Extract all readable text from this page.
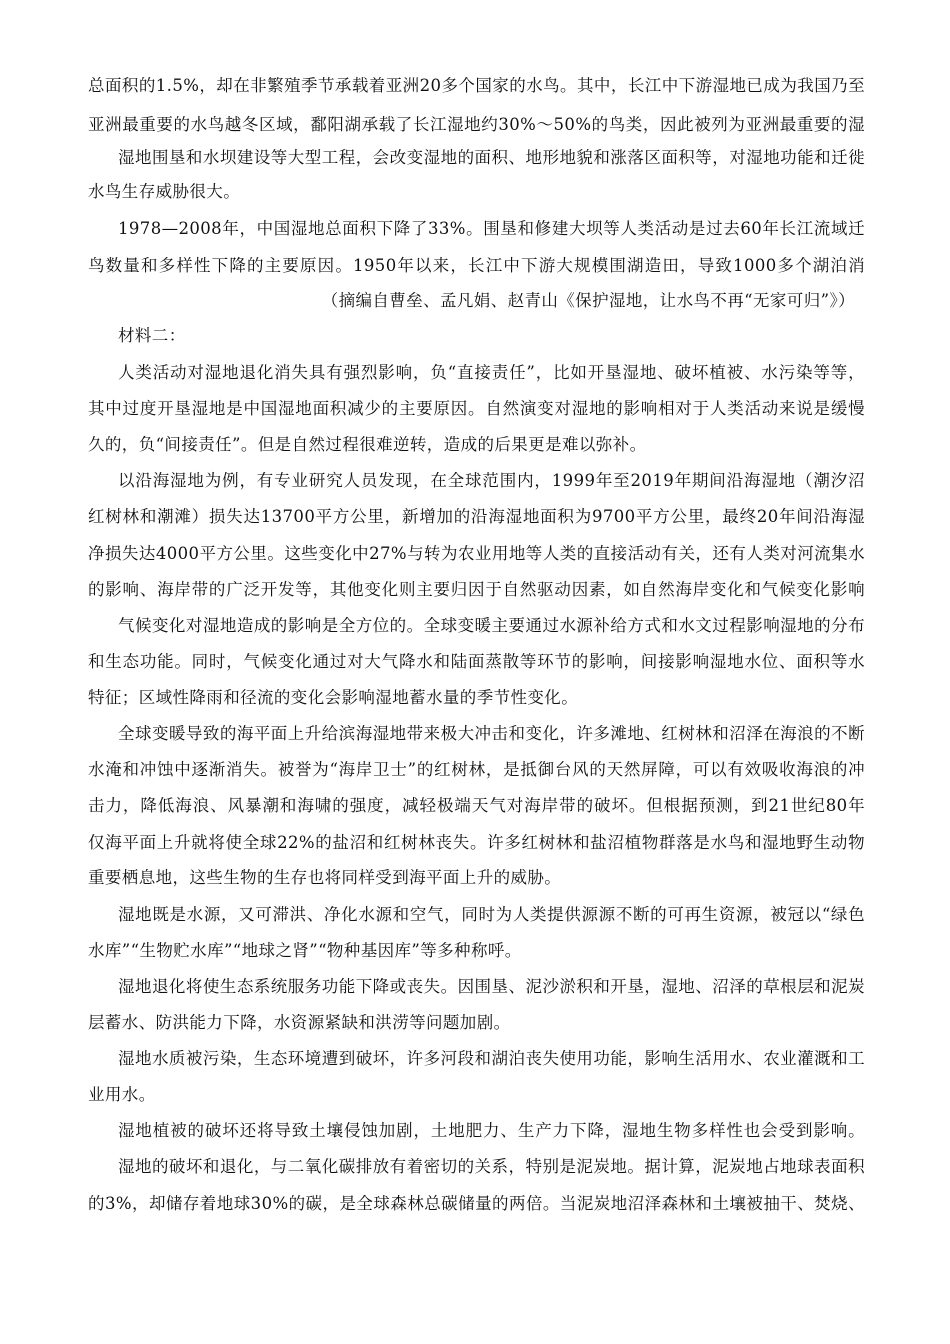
总面积的1.5%，却在非繁殖季节承载着亚洲20多个国家的水鸟。其中，长江中下游湿地已成为我国乃至
亚洲最重要的水鸟越冬区域，鄱阳湖承载了长江湿地约30%～50%的鸟类，因此被列为亚洲最重要的湿
湿地围垦和水坝建设等大型工程，会改变湿地的面积、地形地貌和涨落区面积等，对湿地功能和迁徙
水鸟生存威胁很大。
1978—2008年，中国湿地总面积下降了33%。围垦和修建大坝等人类活动是过去60年长江流域迁
鸟数量和多样性下降的主要原因。1950年以来，长江中下游大规模围湖造田，导致1000多个湖泊消
（摘编自曹垒、孟凡娟、赵青山《保护湿地，让水鸟不再“无家可归”》）
材料二：
人类活动对湿地退化消失具有强烈影响，负“直接责任”，比如开垦湿地、破坏植被、水污染等等，
其中过度开垦湿地是中国湿地面积减少的主要原因。自然演变对湿地的影响相对于人类活动来说是缓慢
久的，负“间接责任”。但是自然过程很难逆转，造成的后果更是难以弥补。
以沿海湿地为例，有专业研究人员发现，在全球范围内，1999年至2019年期间沿海湿地（潮汐沼
红树林和潮滩）损失达13700平方公里，新增加的沿海湿地面积为9700平方公里，最终20年间沿海湿
净损失达4000平方公里。这些变化中27%与转为农业用地等人类的直接活动有关，还有人类对河流集水
的影响、海岸带的广泛开发等，其他变化则主要归因于自然驱动因素，如自然海岸变化和气候变化影响
气候变化对湿地造成的影响是全方位的。全球变暖主要通过水源补给方式和水文过程影响湿地的分布
和生态功能。同时，气候变化通过对大气降水和陆面蒸散等环节的影响，间接影响湿地水位、面积等水
特征；区域性降雨和径流的变化会影响湿地蓄水量的季节性变化。
全球变暖导致的海平面上升给滨海湿地带来极大冲击和变化，许多滩地、红树林和沼泽在海浪的不断
水淹和冲蚀中逐渐消失。被誉为“海岸卫士”的红树林，是抵御台风的天然屏障，可以有效吸收海浪的冲
击力，降低海浪、风暴潮和海啸的强度，减轻极端天气对海岸带的破坏。但根据预测，到21世纪80年
仅海平面上升就将使全球22%的盐沼和红树林丧失。许多红树林和盐沼植物群落是水鸟和湿地野生动物
重要栖息地，这些生物的生存也将同样受到海平面上升的威胁。
湿地既是水源，又可滞洪、净化水源和空气，同时为人类提供源源不断的可再生资源，被冠以“绿色
水库”“生物贮水库”“地球之肾”“物种基因库”等多种称呼。
湿地退化将使生态系统服务功能下降或丧失。因围垦、泥沙淤积和开垦，湿地、沼泽的草根层和泥炭
层蓄水、防洪能力下降，水资源紧缺和洪涝等问题加剧。
湿地水质被污染，生态环境遭到破坏，许多河段和湖泊丧失使用功能，影响生活用水、农业灌溉和工
业用水。
湿地植被的破坏还将导致土壤侵蚀加剧，土地肥力、生产力下降，湿地生物多样性也会受到影响。
湿地的破坏和退化，与二氧化碳排放有着密切的关系，特别是泥炭地。据计算，泥炭地占地球表面积
的3%，却储存着地球30%的碳，是全球森林总碳储量的两倍。当泥炭地沼泽森林和土壤被抽干、焚烧、
